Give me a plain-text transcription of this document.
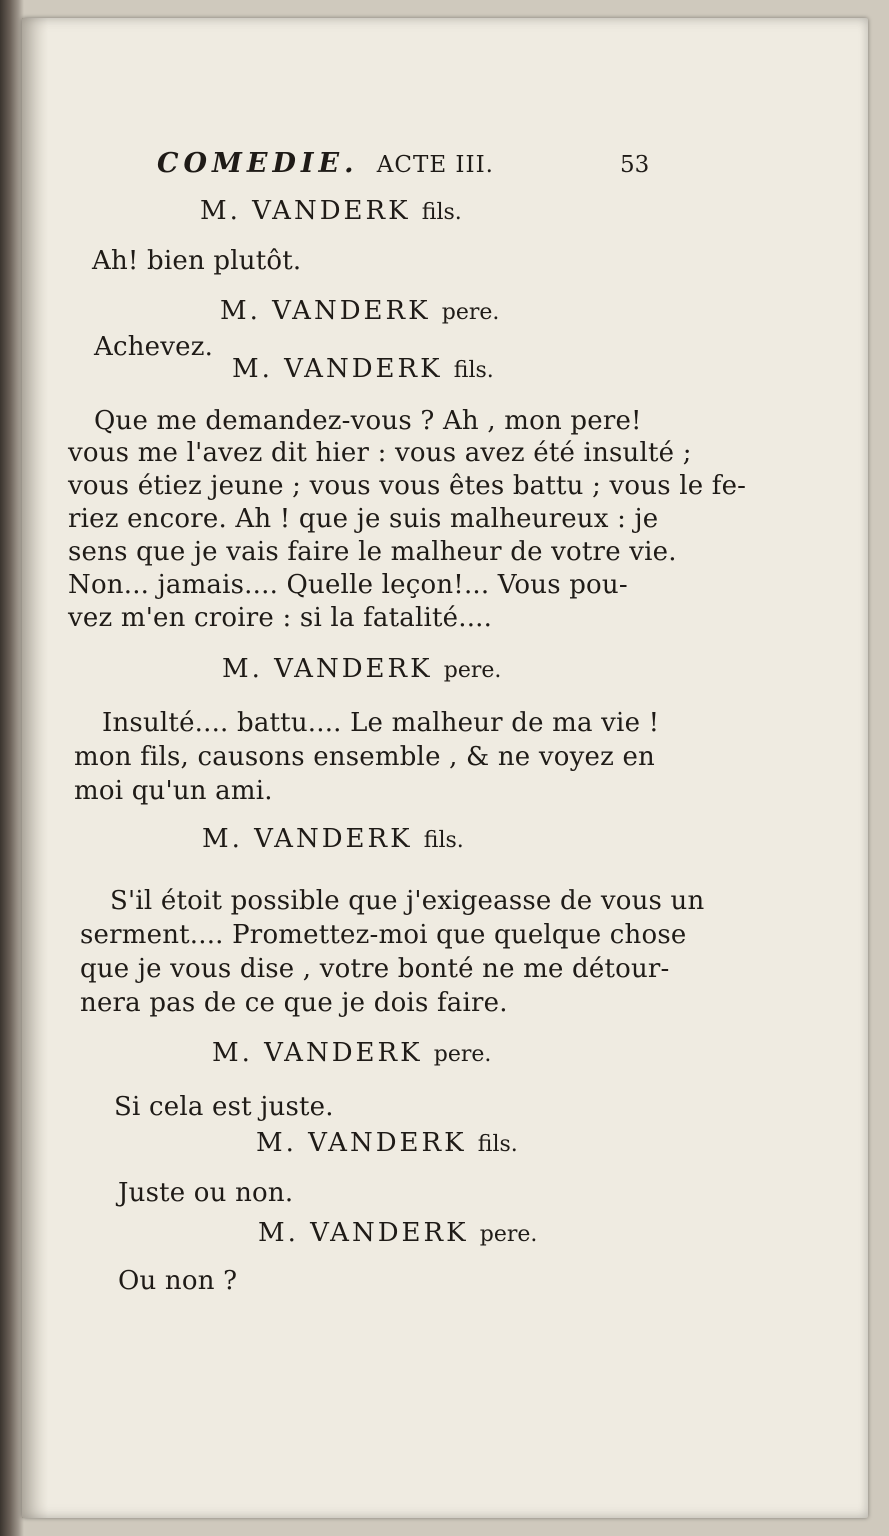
COMEDIE. ACTE III.	53
M. VANDERK fils.
Ah! bien plutôt.
M. VANDERK pere.
Achevez.
M. VANDERK fils.
Que me demandez-vous ? Ah , mon pere!
vous me l'avez dit hier : vous avez été insulté ;
vous étiez jeune ; vous vous êtes battu ; vous le fe-
riez encore. Ah ! que je suis malheureux : je
sens que je vais faire le malheur de votre vie.
Non... jamais.... Quelle leçon!... Vous pou-
vez m'en croire : si la fatalité....
M. VANDERK pere.
Insulté.... battu.... Le malheur de ma vie !
mon fils, causons ensemble , & ne voyez en
moi qu'un ami.
M. VANDERK fils.
S'il étoit possible que j'exigeasse de vous un
serment.... Promettez-moi que quelque chose
que je vous dise , votre bonté ne me détour-
nera pas de ce que je dois faire.
M. VANDERK pere.
Si cela est juste.
M. VANDERK fils.
Juste ou non.
M. VANDERK pere.
Ou non ?
